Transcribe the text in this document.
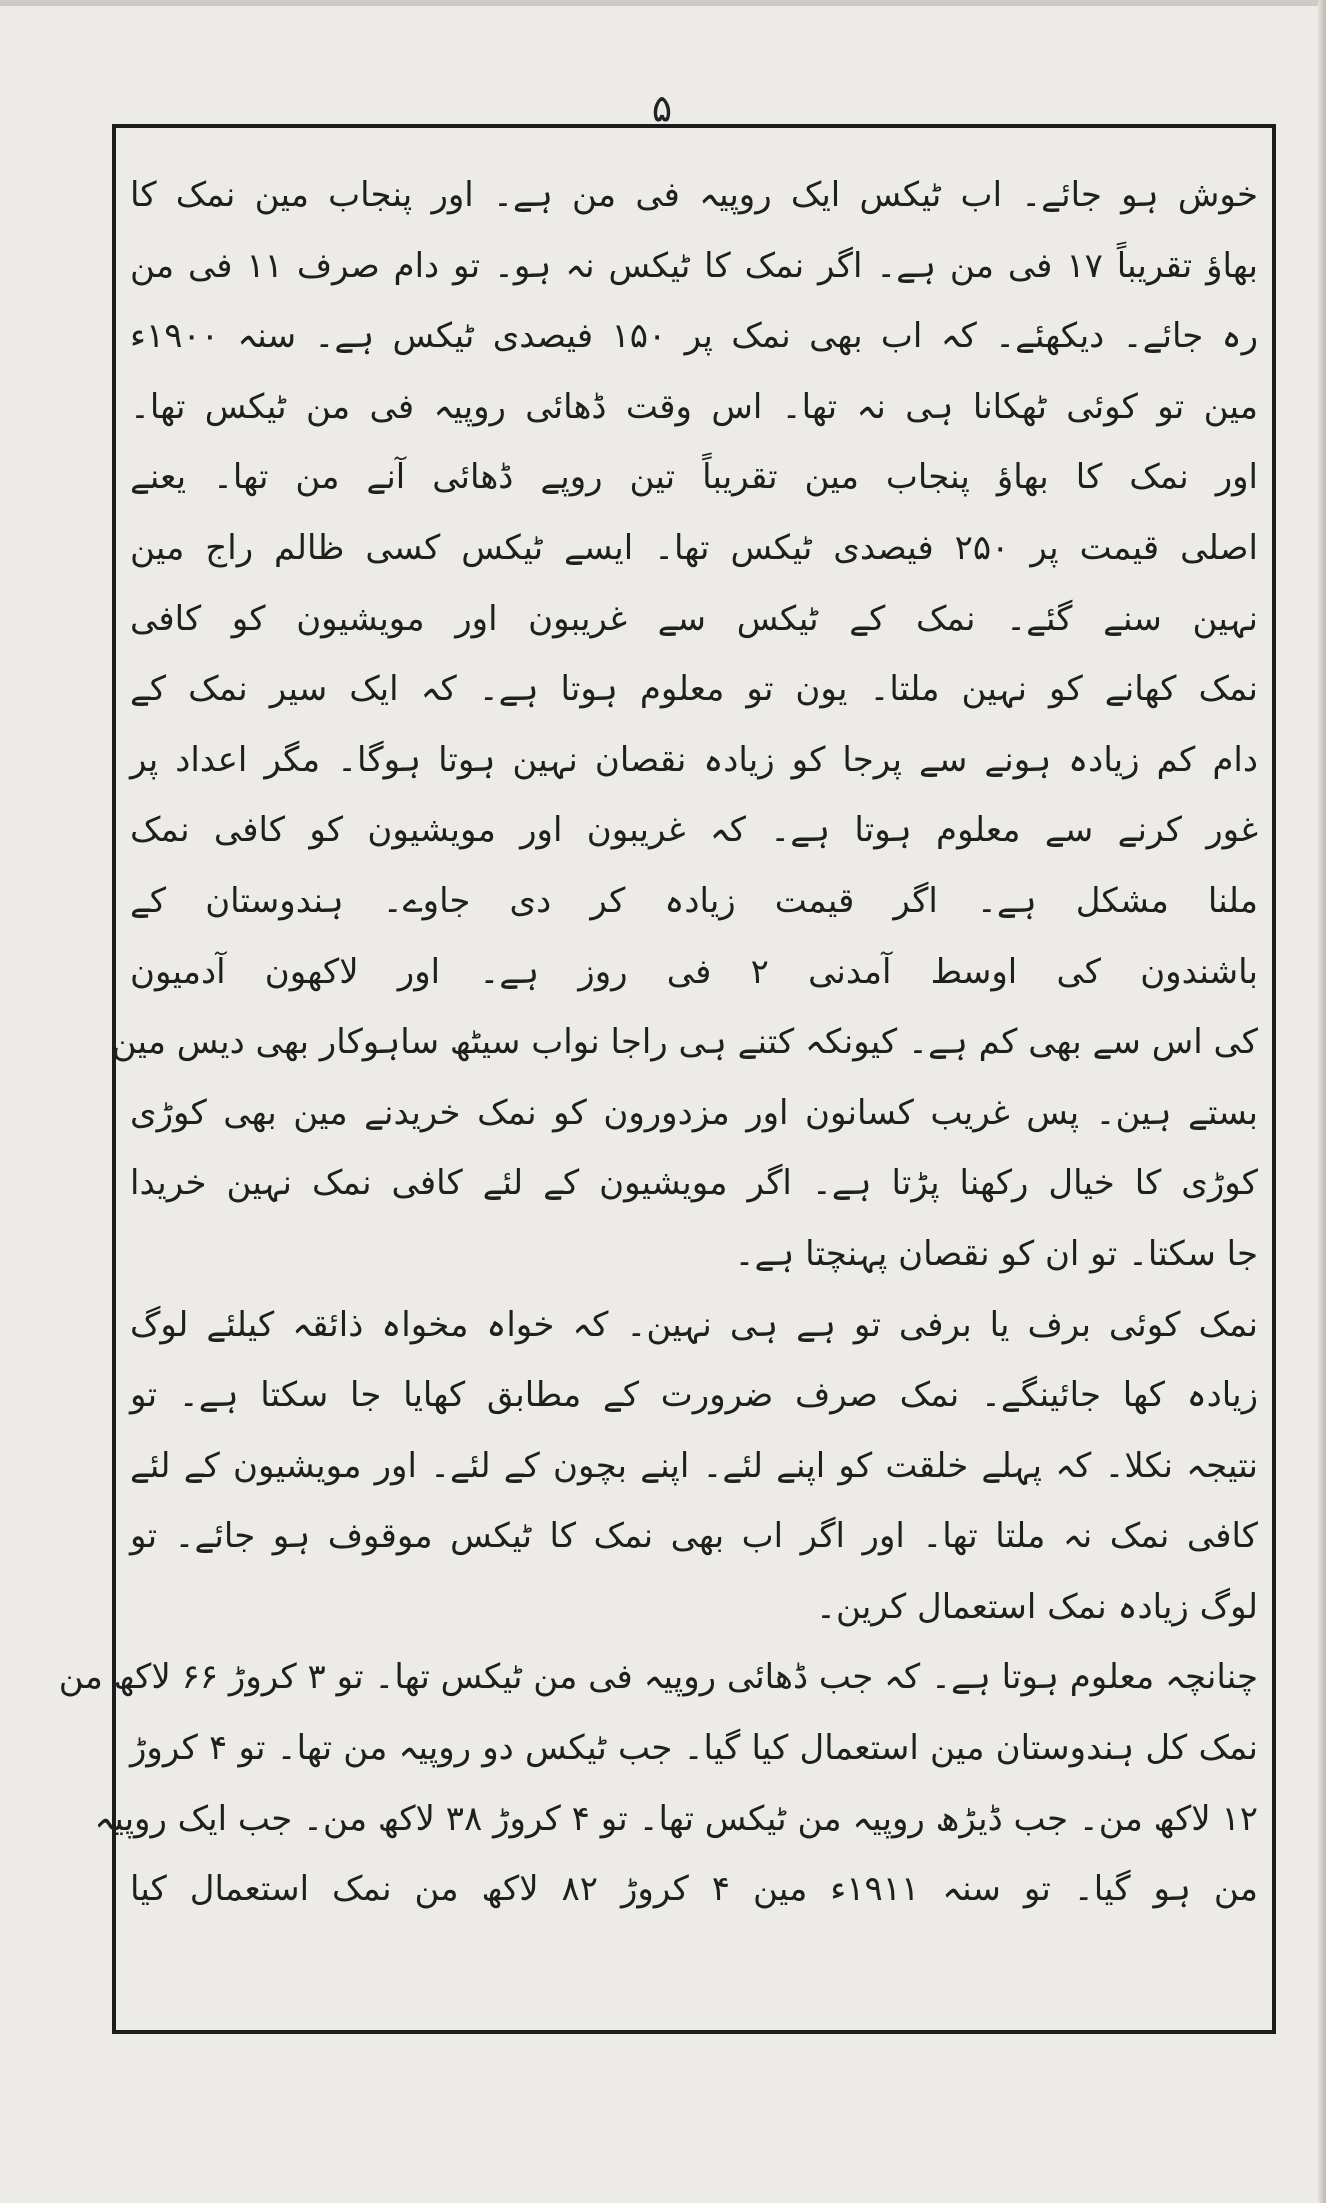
۵
خوش ہو جائے۔ اب ٹیکس ایک روپیہ فی من ہے۔ اور پنجاب مین نمک کا
بھاؤ تقریباً ۱۷ فی من ہے۔ اگر نمک کا ٹیکس نہ ہو۔ تو دام صرف ۱۱ فی من
رہ جائے۔ دیکھئے۔ کہ اب بھی نمک پر ۱۵۰ فیصدی ٹیکس ہے۔ سنہ ۱۹۰۰ء
مین تو کوئی ٹھکانا ہی نہ تھا۔ اس وقت ڈھائی روپیہ فی من ٹیکس تھا۔
اور نمک کا بھاؤ پنجاب مین تقریباً تین روپے ڈھائی آنے من تھا۔ یعنے
اصلی قیمت پر ۲۵۰ فیصدی ٹیکس تھا۔ ایسے ٹیکس کسی ظالم راج مین
نہین سنے گئے۔ نمک کے ٹیکس سے غریبون اور مویشیون کو کافی
نمک کھانے کو نہین ملتا۔ یون تو معلوم ہوتا ہے۔ کہ ایک سیر نمک کے
دام کم زیادہ ہونے سے پرجا کو زیادہ نقصان نہین ہوتا ہوگا۔ مگر اعداد پر
غور کرنے سے معلوم ہوتا ہے۔ کہ غریبون اور مویشیون کو کافی نمک
ملنا مشکل ہے۔ اگر قیمت زیادہ کر دی جاوے۔ ہندوستان کے
باشندون کی اوسط آمدنی ۲ فی روز ہے۔ اور لاکھون آدمیون
کی اس سے بھی کم ہے۔ کیونکہ کتنے ہی راجا نواب سیٹھ ساہوکار بھی دیس مین
بستے ہین۔ پس غریب کسانون اور مزدورون کو نمک خریدنے مین بھی کوڑی
کوڑی کا خیال رکھنا پڑتا ہے۔ اگر مویشیون کے لئے کافی نمک نہین خریدا
جا سکتا۔ تو ان کو نقصان پہنچتا ہے۔
نمک کوئی برف یا برفی تو ہے ہی نہین۔ کہ خواہ مخواہ ذائقہ کیلئے لوگ
زیادہ کھا جائینگے۔ نمک صرف ضرورت کے مطابق کھایا جا سکتا ہے۔ تو
نتیجہ نکلا۔ کہ پہلے خلقت کو اپنے لئے۔ اپنے بچون کے لئے۔ اور مویشیون کے لئے
کافی نمک نہ ملتا تھا۔ اور اگر اب بھی نمک کا ٹیکس موقوف ہو جائے۔ تو
لوگ زیادہ نمک استعمال کرین۔
چنانچہ معلوم ہوتا ہے۔ کہ جب ڈھائی روپیہ فی من ٹیکس تھا۔ تو ۳ کروڑ ۶۶ لاکھ من
نمک کل ہندوستان مین استعمال کیا گیا۔ جب ٹیکس دو روپیہ من تھا۔ تو ۴ کروڑ
۱۲ لاکھ من۔ جب ڈیڑھ روپیہ من ٹیکس تھا۔ تو ۴ کروڑ ۳۸ لاکھ من۔ جب ایک روپیہ
من ہو گیا۔ تو سنہ ۱۹۱۱ء مین ۴ کروڑ ۸۲ لاکھ من نمک استعمال کیا
